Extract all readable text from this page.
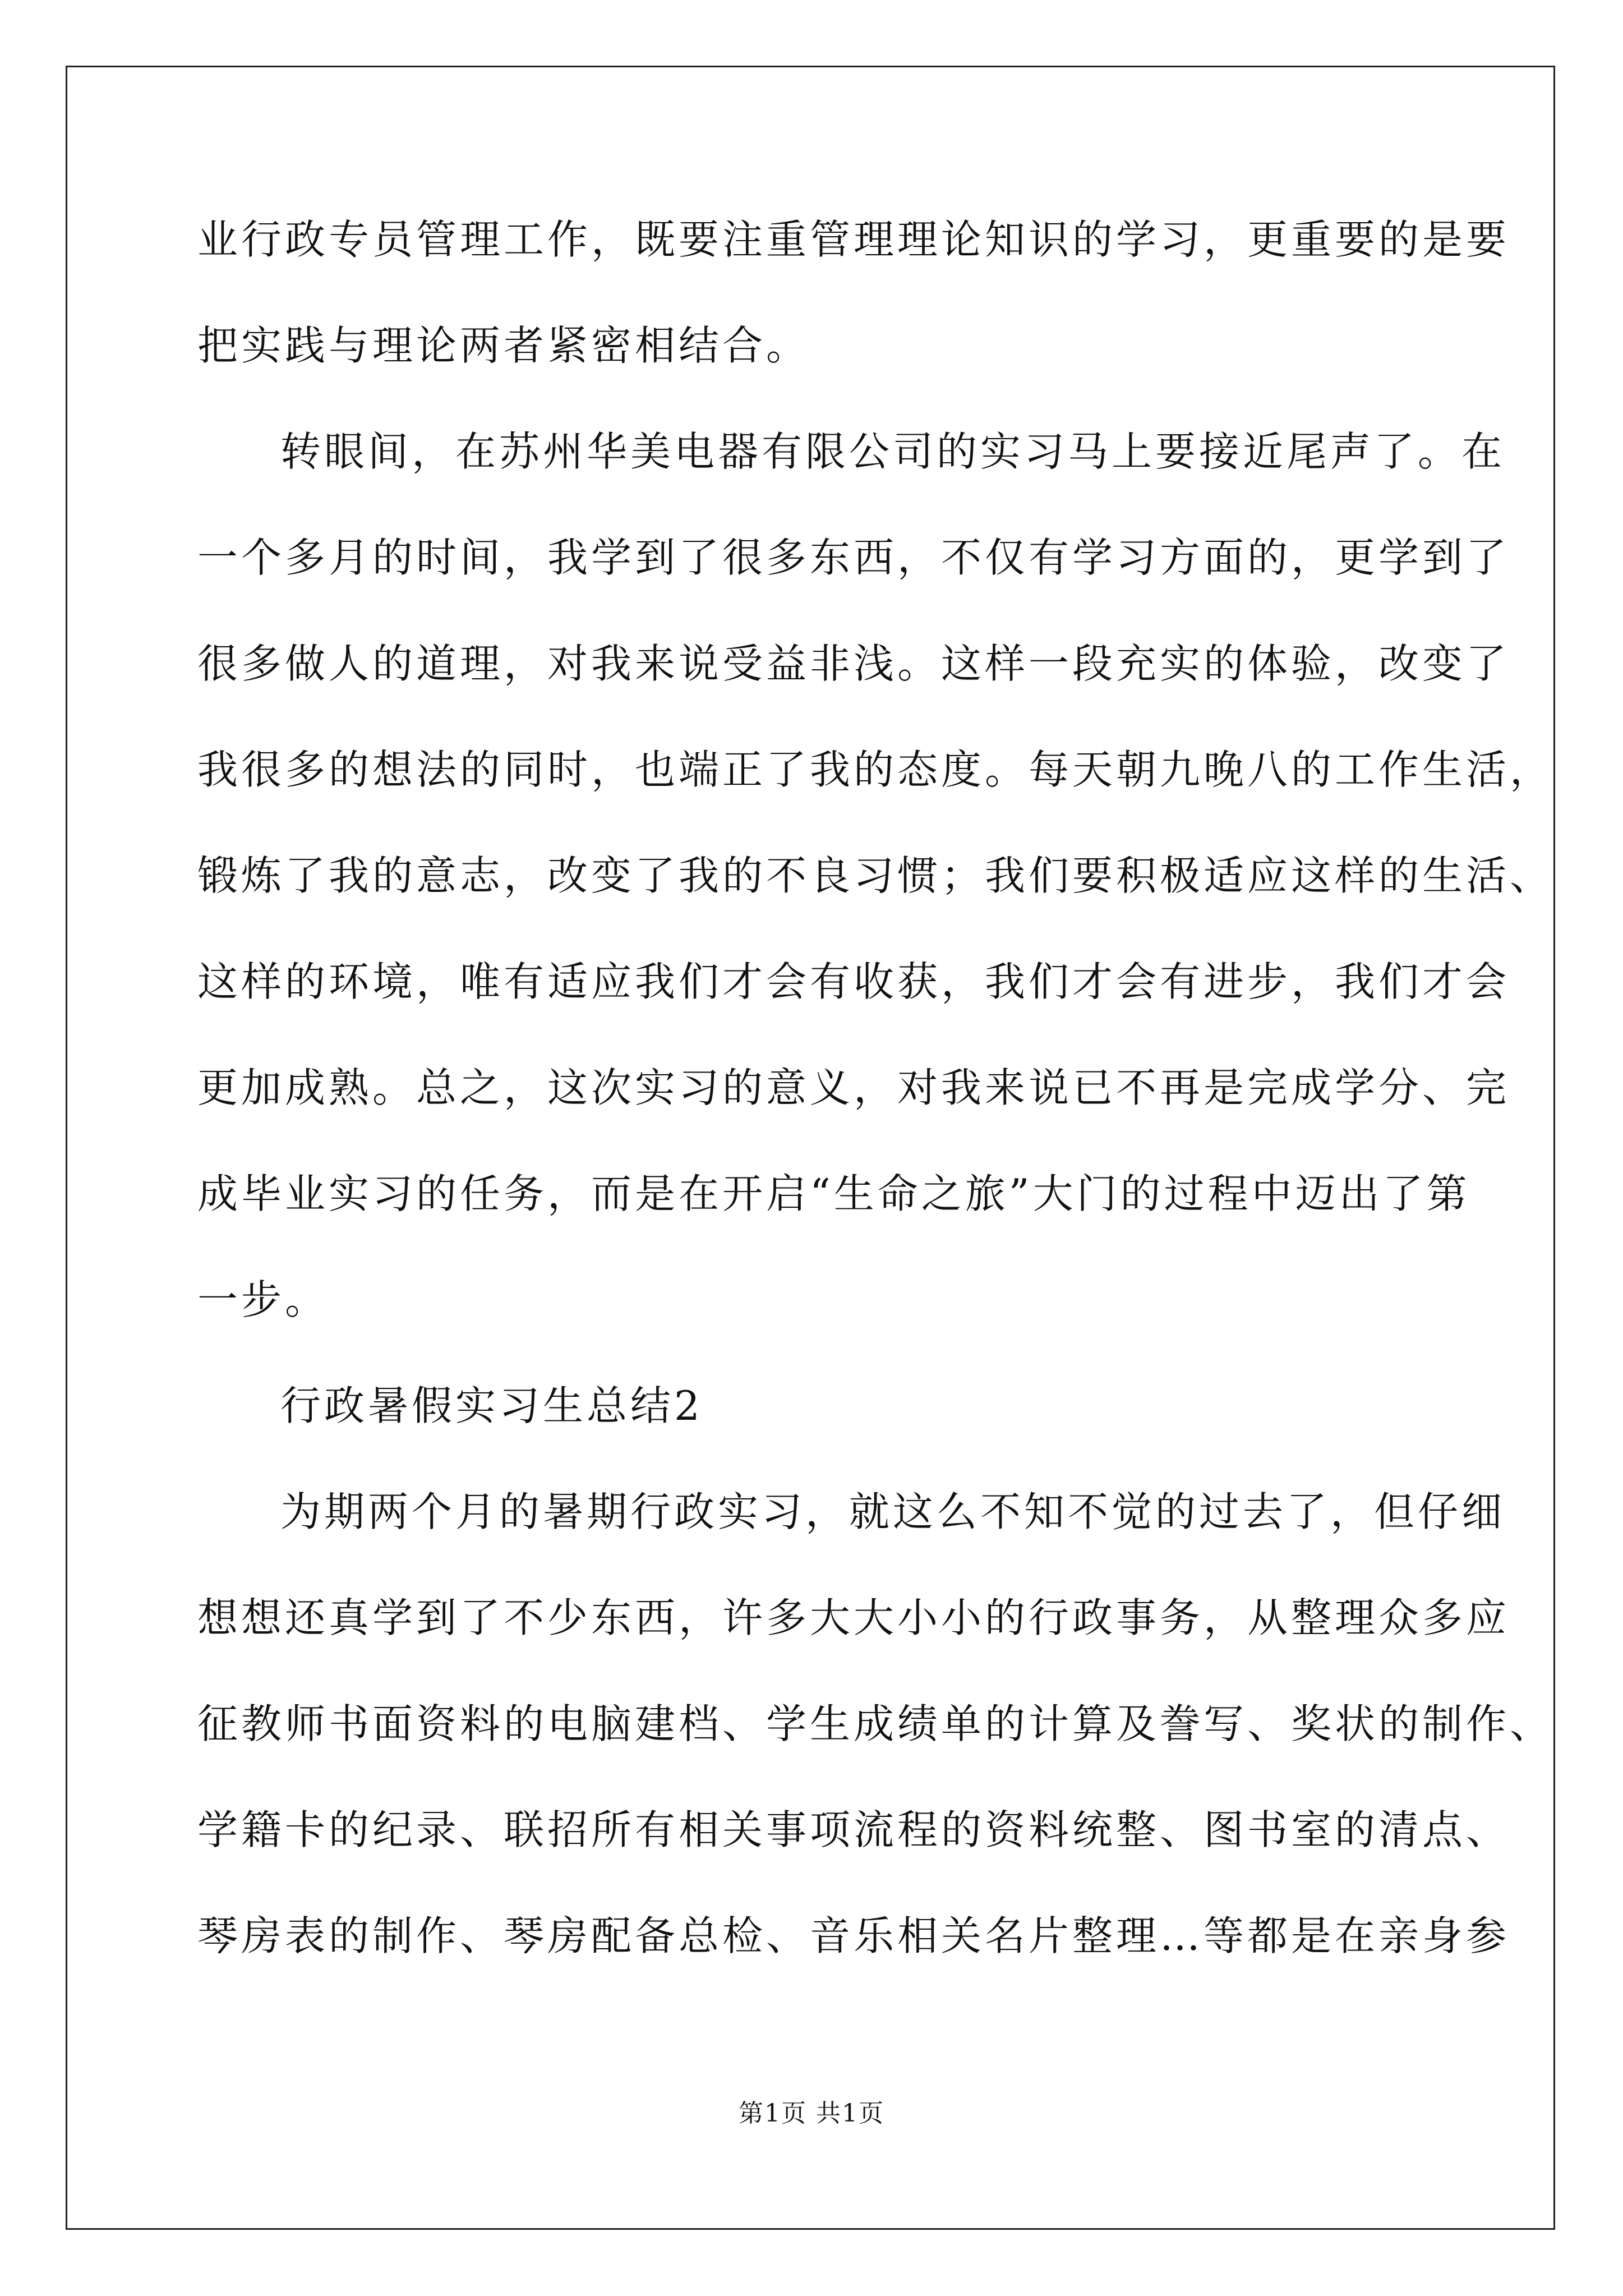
业行政专员管理工作，既要注重管理理论知识的学习，更重要的是要
把实践与理论两者紧密相结合。
转眼间，在苏州华美电器有限公司的实习马上要接近尾声了。在
一个多月的时间，我学到了很多东西，不仅有学习方面的，更学到了
很多做人的道理，对我来说受益非浅。这样一段充实的体验，改变了
我很多的想法的同时，也端正了我的态度。每天朝九晚八的工作生活，
锻炼了我的意志，改变了我的不良习惯；我们要积极适应这样的生活、
这样的环境，唯有适应我们才会有收获，我们才会有进步，我们才会
更加成熟。总之，这次实习的意义，对我来说已不再是完成学分、完
成毕业实习的任务，而是在开启“生命之旅”大门的过程中迈出了第
一步。
行政暑假实习生总结2
为期两个月的暑期行政实习，就这么不知不觉的过去了，但仔细
想想还真学到了不少东西，许多大大小小的行政事务，从整理众多应
征教师书面资料的电脑建档、学生成绩单的计算及誊写、奖状的制作、
学籍卡的纪录、联招所有相关事项流程的资料统整、图书室的清点、
琴房表的制作、琴房配备总检、音乐相关名片整理…等都是在亲身参
第1页 共1页
